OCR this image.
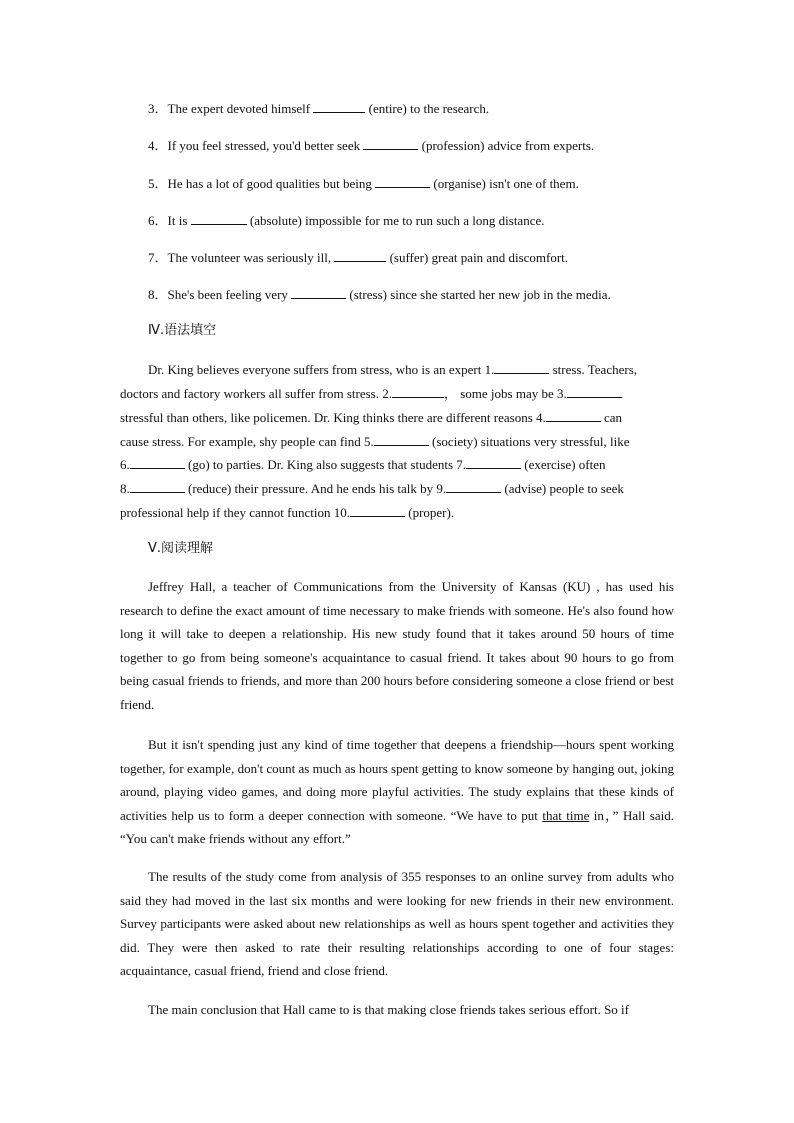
3．The expert devoted himself	(entire) to the research.
4．If you feel stressed, you'd better seek	(profession) advice from experts.
5．He has a lot of good qualities but being	(organise) isn't one of them.
6．It is	(absolute) impossible for me to run such a long distance.
7．The volunteer was seriously ill,	(suffer) great pain and discomfort.
8．She's been feeling very	(stress) since she started her new job in the media.
Ⅳ.语法填空
Dr. King believes everyone suffers from stress, who is an expert 1.	stress. Teachers,
doctors and factory workers all suffer from stress. 2.	， some jobs may be 3.
stressful than others, like policemen. Dr. King thinks there are different reasons 4.	can
cause stress. For example, shy people can find 5.	(society) situations very stressful, like
6.	(go) to parties. Dr. King also suggests that students 7.	(exercise) often
8.	(reduce) their pressure. And he ends his talk by 9.	(advise) people to seek
professional help if they cannot function 10.	(proper).
Ⅴ.阅读理解
Jeffrey Hall, a teacher of Communications from the University of Kansas (KU) , has used his research to define the exact amount of time necessary to make friends with someone. He's also found how long it will take to deepen a relationship. His new study found that it takes around 50 hours of time together to go from being someone's acquaintance to casual friend. It takes about 90 hours to go from being casual friends to friends, and more than 200 hours before considering someone a close friend or best friend.
But it isn't spending just any kind of time together that deepens a friendship—hours spent working together, for example, don't count as much as hours spent getting to know someone by hanging out, joking around, playing video games, and doing more playful activities. The study explains that these kinds of activities help us to form a deeper connection with someone. “We have to put that time in，” Hall said. “You can't make friends without any effort.”
The results of the study come from analysis of 355 responses to an online survey from adults who said they had moved in the last six months and were looking for new friends in their new environment. Survey participants were asked about new relationships as well as hours spent together and activities they did. They were then asked to rate their resulting relationships according to one of four stages: acquaintance, casual friend, friend and close friend.
The main conclusion that Hall came to is that making close friends takes serious effort. So if
